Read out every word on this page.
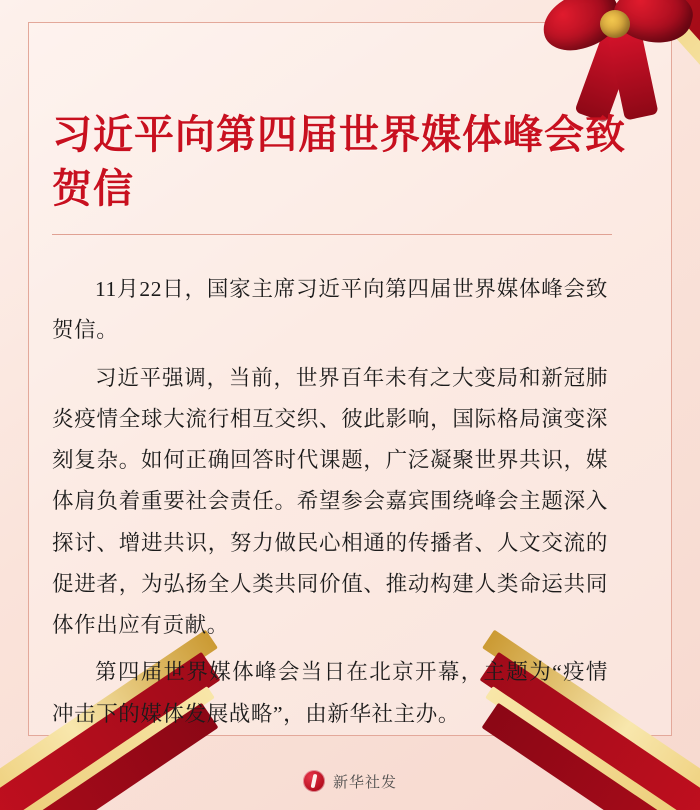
习近平向第四届世界媒体峰会致贺信

11月22日，国家主席习近平向第四届世界媒体峰会致贺信。

习近平强调，当前，世界百年未有之大变局和新冠肺炎疫情全球大流行相互交织、彼此影响，国际格局演变深刻复杂。如何正确回答时代课题，广泛凝聚世界共识，媒体肩负着重要社会责任。希望参会嘉宾围绕峰会主题深入探讨、增进共识，努力做民心相通的传播者、人文交流的促进者，为弘扬全人类共同价值、推动构建人类命运共同体作出应有贡献。

第四届世界媒体峰会当日在北京开幕，主题为“疫情冲击下的媒体发展战略”，由新华社主办。

新华社发
